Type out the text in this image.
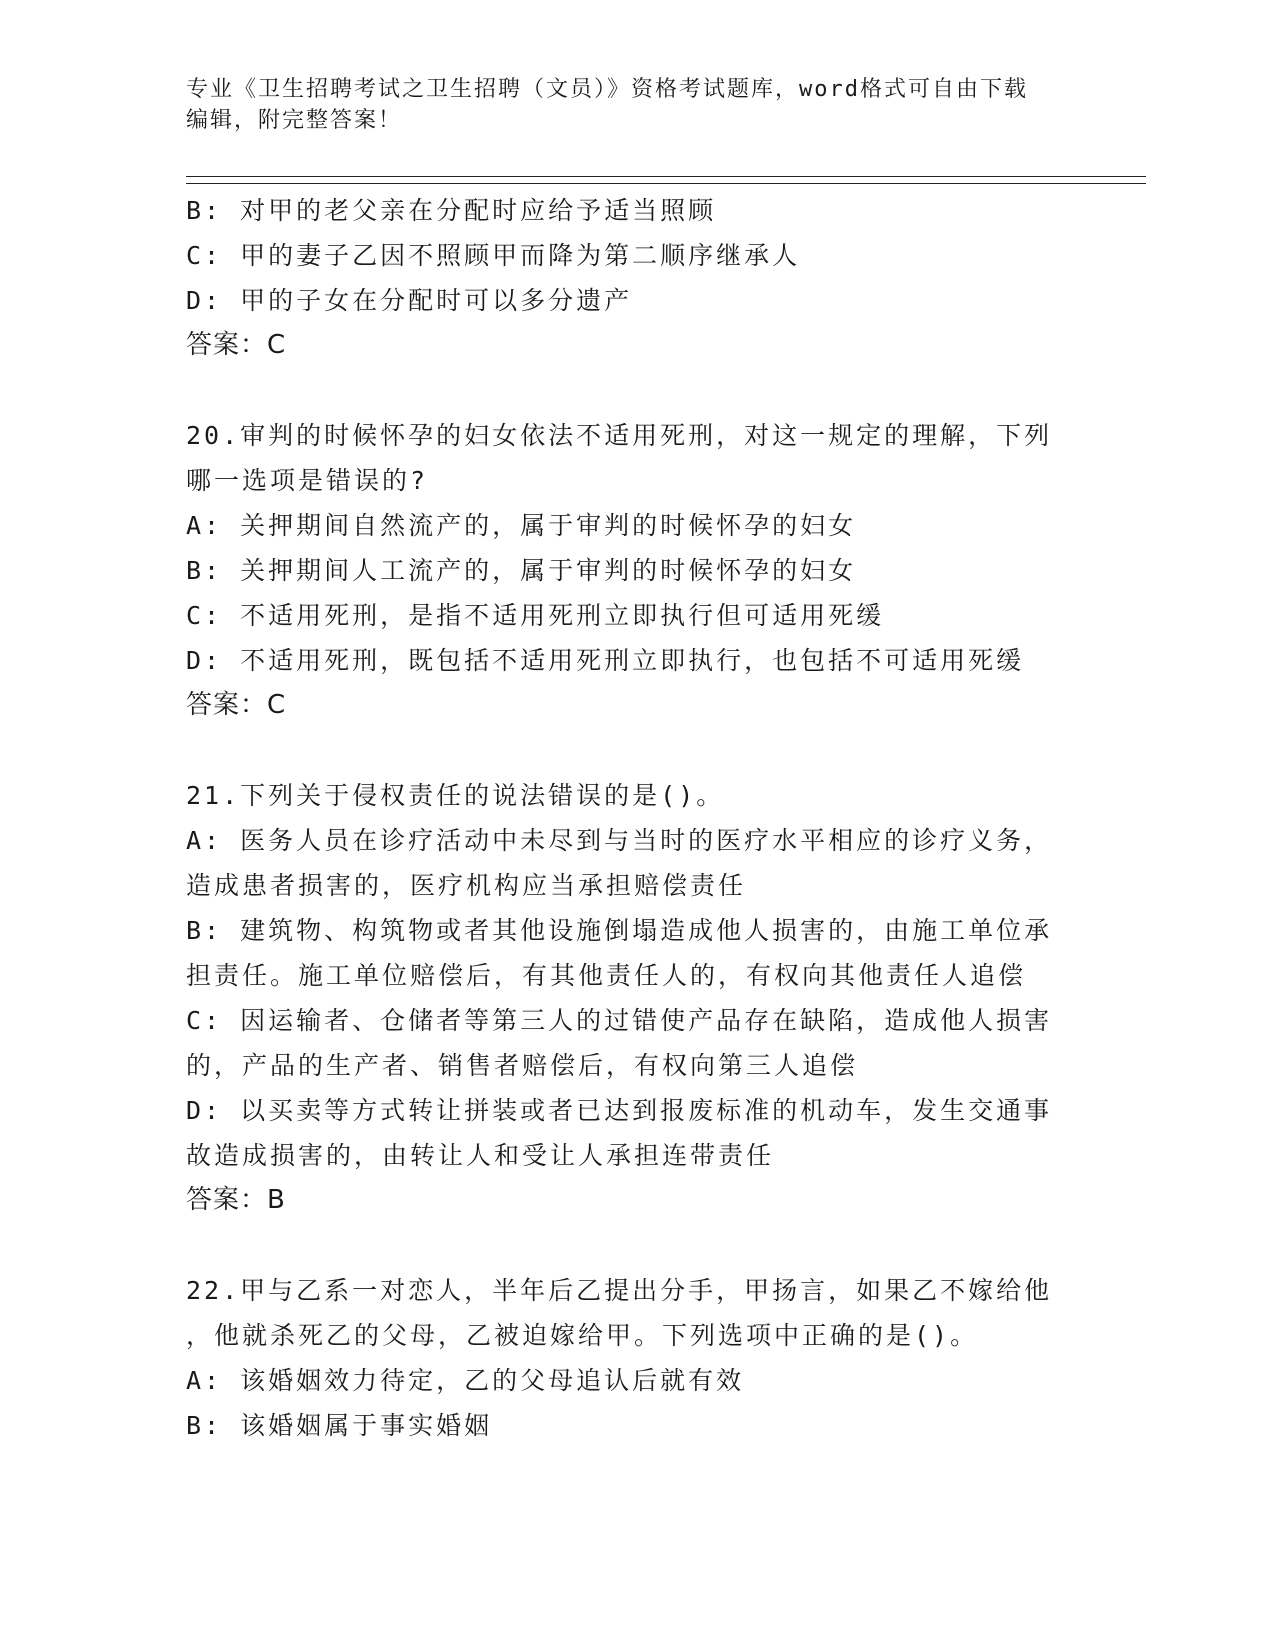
专业《卫生招聘考试之卫生招聘（文员）》资格考试题库，word格式可自由下载
编辑，附完整答案！
B: 对甲的老父亲在分配时应给予适当照顾
C: 甲的妻子乙因不照顾甲而降为第二顺序继承人
D: 甲的子女在分配时可以多分遗产
答案：C
20.审判的时候怀孕的妇女依法不适用死刑，对这一规定的理解，下列
哪一选项是错误的?
A: 关押期间自然流产的，属于审判的时候怀孕的妇女
B: 关押期间人工流产的，属于审判的时候怀孕的妇女
C: 不适用死刑，是指不适用死刑立即执行但可适用死缓
D: 不适用死刑，既包括不适用死刑立即执行，也包括不可适用死缓
答案：C
21.下列关于侵权责任的说法错误的是()。
A: 医务人员在诊疗活动中未尽到与当时的医疗水平相应的诊疗义务，
造成患者损害的，医疗机构应当承担赔偿责任
B: 建筑物、构筑物或者其他设施倒塌造成他人损害的，由施工单位承
担责任。施工单位赔偿后，有其他责任人的，有权向其他责任人追偿
C: 因运输者、仓储者等第三人的过错使产品存在缺陷，造成他人损害
的，产品的生产者、销售者赔偿后，有权向第三人追偿
D: 以买卖等方式转让拼装或者已达到报废标准的机动车，发生交通事
故造成损害的，由转让人和受让人承担连带责任
答案：B
22.甲与乙系一对恋人，半年后乙提出分手，甲扬言，如果乙不嫁给他
，他就杀死乙的父母，乙被迫嫁给甲。下列选项中正确的是()。
A: 该婚姻效力待定，乙的父母追认后就有效
B: 该婚姻属于事实婚姻
